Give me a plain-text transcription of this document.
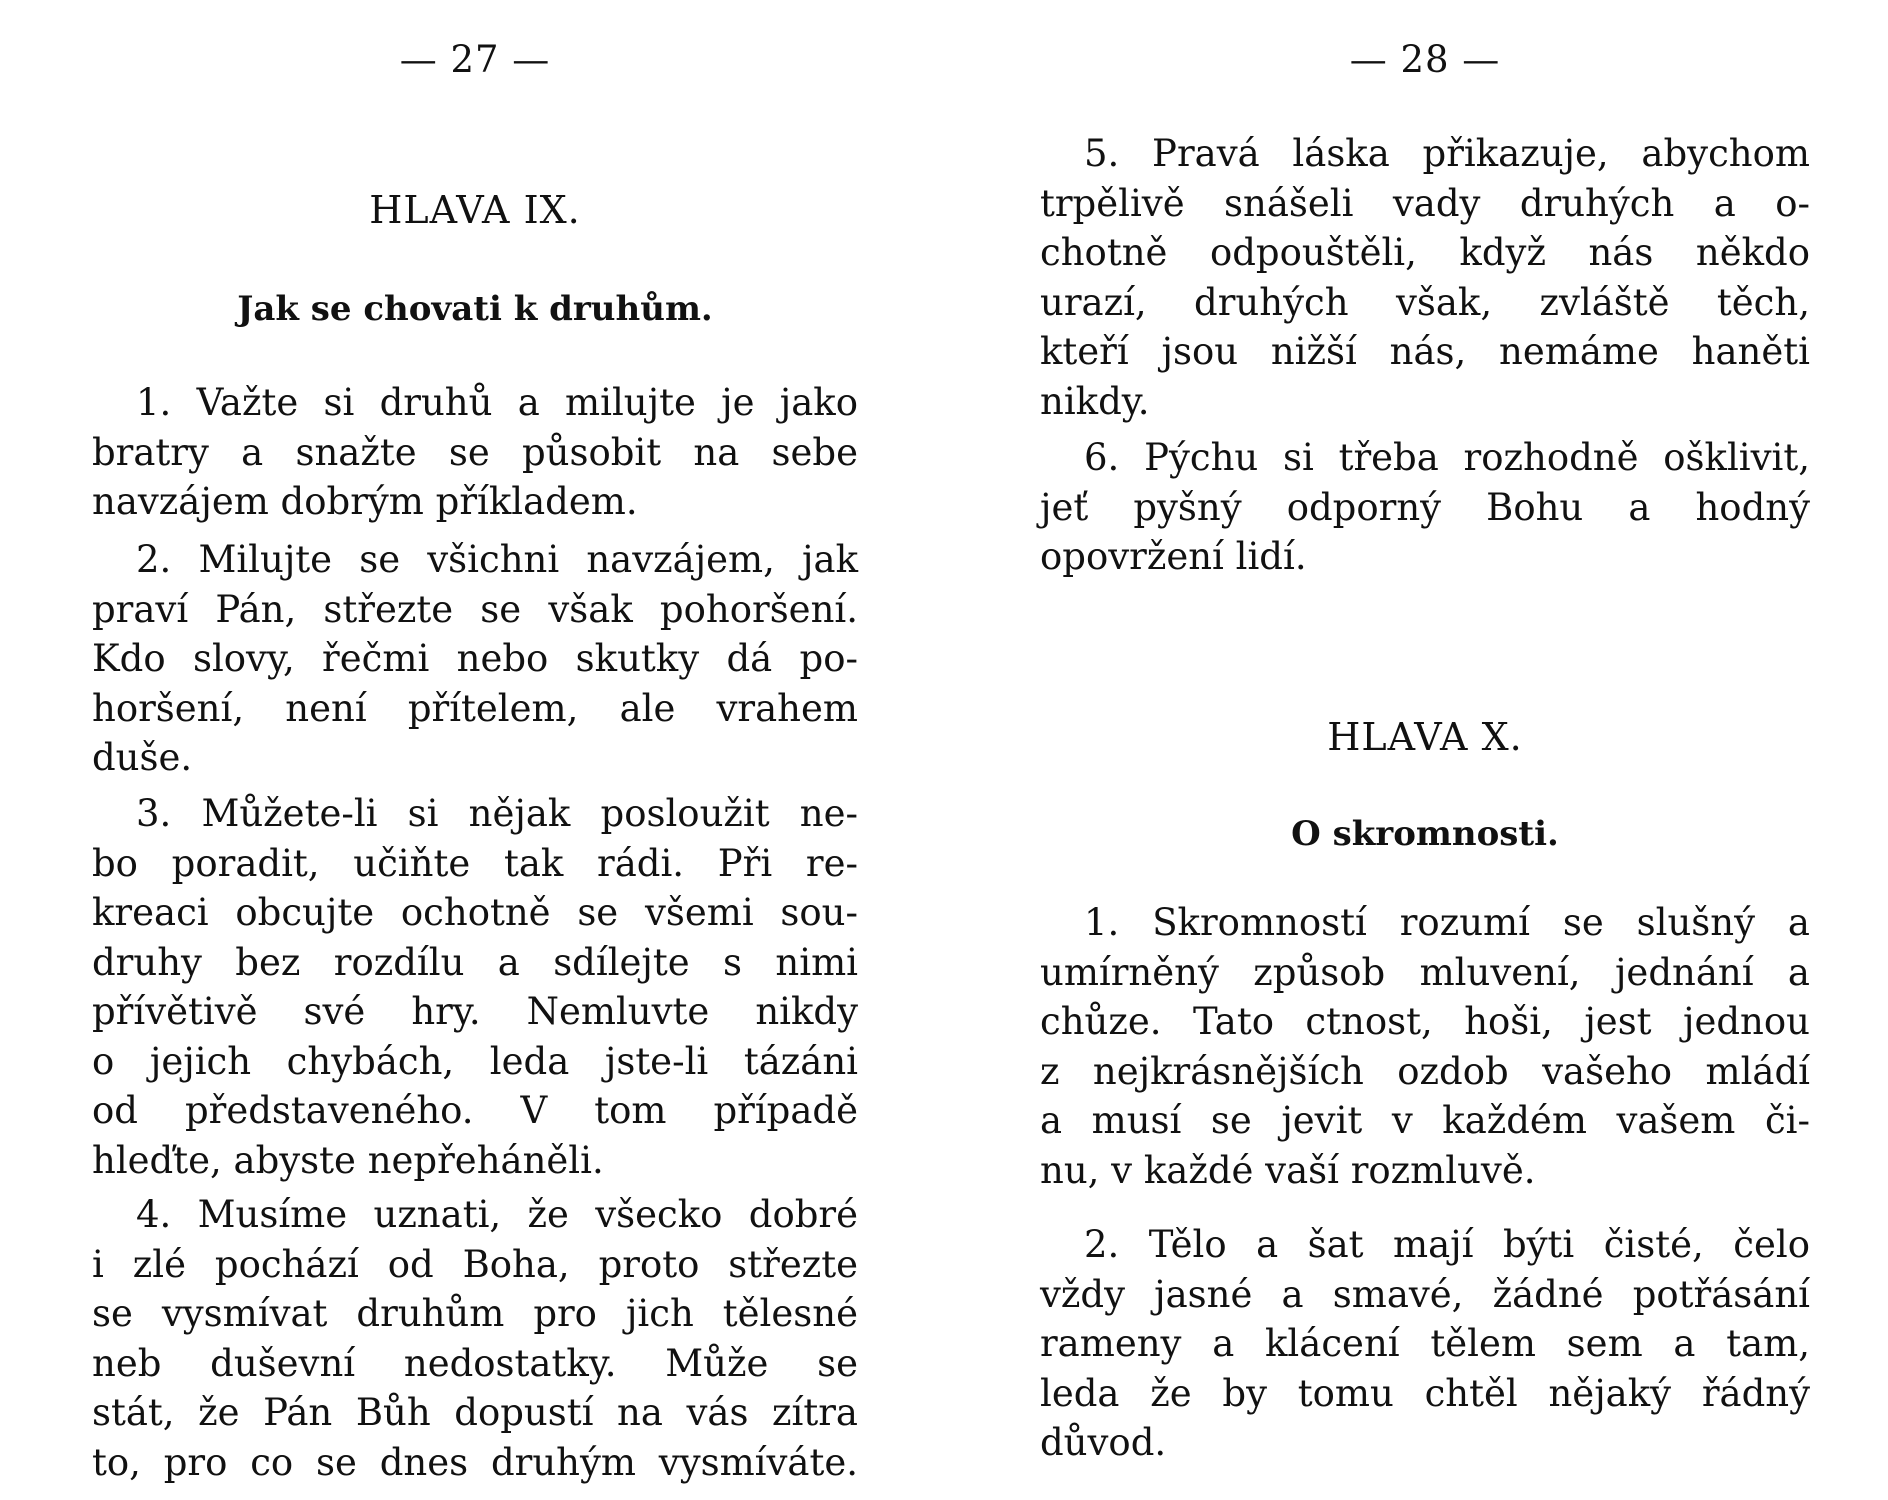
— 27 —

HLAVA IX.

Jak se chovati k druhům.

1. Važte si druhů a milujte je jako
bratry a snažte se působit na sebe
navzájem dobrým příkladem.

2. Milujte se všichni navzájem, jak
praví Pán, střezte se však pohoršení.
Kdo slovy, řečmi nebo skutky dá po-
horšení, není přítelem, ale vrahem
duše.

3. Můžete-li si nějak posloužit ne-
bo poradit, učiňte tak rádi. Při re-
kreaci obcujte ochotně se všemi sou-
druhy bez rozdílu a sdílejte s nimi
přívětivě své hry. Nemluvte nikdy
o jejich chybách, leda jste-li tázáni
od představeného. V tom případě
hleďte, abyste nepřeháněli.

4. Musíme uznati, že všecko dobré
i zlé pochází od Boha, proto střezte
se vysmívat druhům pro jich tělesné
neb duševní nedostatky. Může se
stát, že Pán Bůh dopustí na vás zítra
to, pro co se dnes druhým vysmíváte.

— 28 —

5. Pravá láska přikazuje, abychom
trpělivě snášeli vady druhých a o-
chotně odpouštěli, když nás někdo
urazí, druhých však, zvláště těch,
kteří jsou nižší nás, nemáme haněti
nikdy.

6. Pýchu si třeba rozhodně ošklivit,
jeť pyšný odporný Bohu a hodný
opovržení lidí.

HLAVA X.

O skromnosti.

1. Skromností rozumí se slušný a
umírněný způsob mluvení, jednání a
chůze. Tato ctnost, hoši, jest jednou
z nejkrásnějších ozdob vašeho mládí
a musí se jevit v každém vašem či-
nu, v každé vaší rozmluvě.

2. Tělo a šat mají býti čisté, čelo
vždy jasné a smavé, žádné potřásání
rameny a klácení tělem sem a tam,
leda že by tomu chtěl nějaký řádný
důvod.
